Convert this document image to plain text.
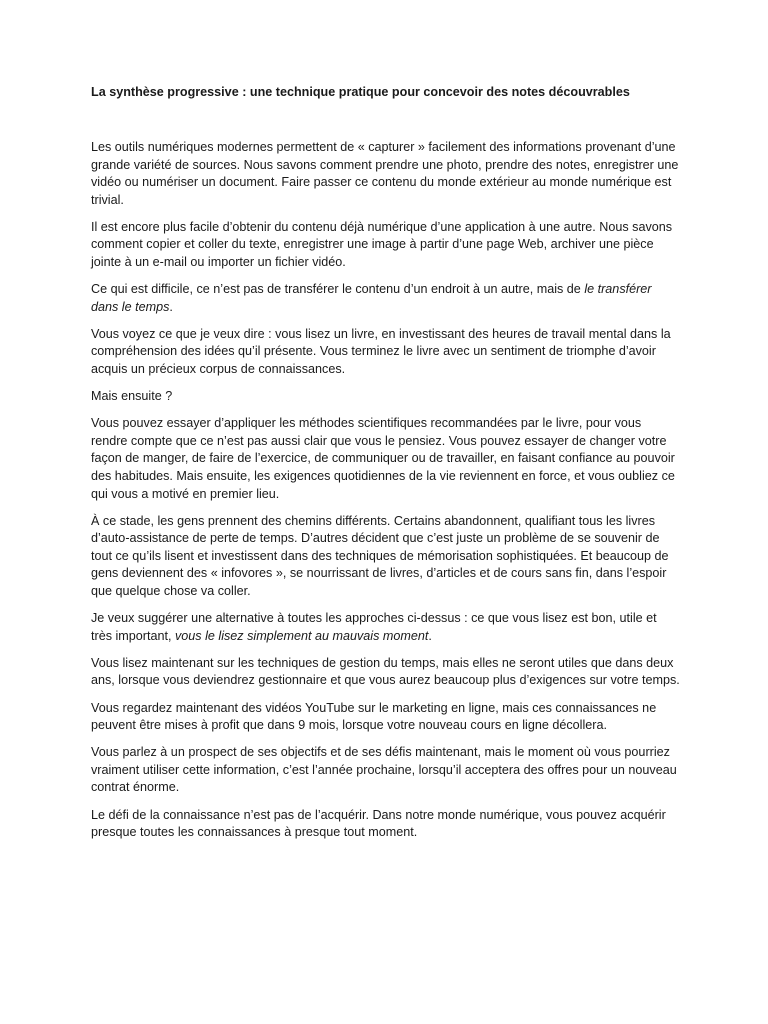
La synthèse progressive : une technique pratique pour concevoir des notes découvrables

Les outils numériques modernes permettent de « capturer » facilement des informations provenant d’une grande variété de sources. Nous savons comment prendre une photo, prendre des notes, enregistrer une vidéo ou numériser un document. Faire passer ce contenu du monde extérieur au monde numérique est trivial.

Il est encore plus facile d’obtenir du contenu déjà numérique d’une application à une autre. Nous savons comment copier et coller du texte, enregistrer une image à partir d’une page Web, archiver une pièce jointe à un e-mail ou importer un fichier vidéo.

Ce qui est difficile, ce n’est pas de transférer le contenu d’un endroit à un autre, mais de le transférer dans le temps.

Vous voyez ce que je veux dire : vous lisez un livre, en investissant des heures de travail mental dans la compréhension des idées qu’il présente. Vous terminez le livre avec un sentiment de triomphe d’avoir acquis un précieux corpus de connaissances.

Mais ensuite ?

Vous pouvez essayer d’appliquer les méthodes scientifiques recommandées par le livre, pour vous rendre compte que ce n’est pas aussi clair que vous le pensiez. Vous pouvez essayer de changer votre façon de manger, de faire de l’exercice, de communiquer ou de travailler, en faisant confiance au pouvoir des habitudes. Mais ensuite, les exigences quotidiennes de la vie reviennent en force, et vous oubliez ce qui vous a motivé en premier lieu.

À ce stade, les gens prennent des chemins différents. Certains abandonnent, qualifiant tous les livres d’auto-assistance de perte de temps. D’autres décident que c’est juste un problème de se souvenir de tout ce qu’ils lisent et investissent dans des techniques de mémorisation sophistiquées. Et beaucoup de gens deviennent des « infovores », se nourrissant de livres, d’articles et de cours sans fin, dans l’espoir que quelque chose va coller.

Je veux suggérer une alternative à toutes les approches ci-dessus : ce que vous lisez est bon, utile et très important, vous le lisez simplement au mauvais moment.

Vous lisez maintenant sur les techniques de gestion du temps, mais elles ne seront utiles que dans deux ans, lorsque vous deviendrez gestionnaire et que vous aurez beaucoup plus d’exigences sur votre temps.

Vous regardez maintenant des vidéos YouTube sur le marketing en ligne, mais ces connaissances ne peuvent être mises à profit que dans 9 mois, lorsque votre nouveau cours en ligne décollera.

Vous parlez à un prospect de ses objectifs et de ses défis maintenant, mais le moment où vous pourriez vraiment utiliser cette information, c’est l’année prochaine, lorsqu’il acceptera des offres pour un nouveau contrat énorme.

Le défi de la connaissance n’est pas de l’acquérir. Dans notre monde numérique, vous pouvez acquérir presque toutes les connaissances à presque tout moment.
